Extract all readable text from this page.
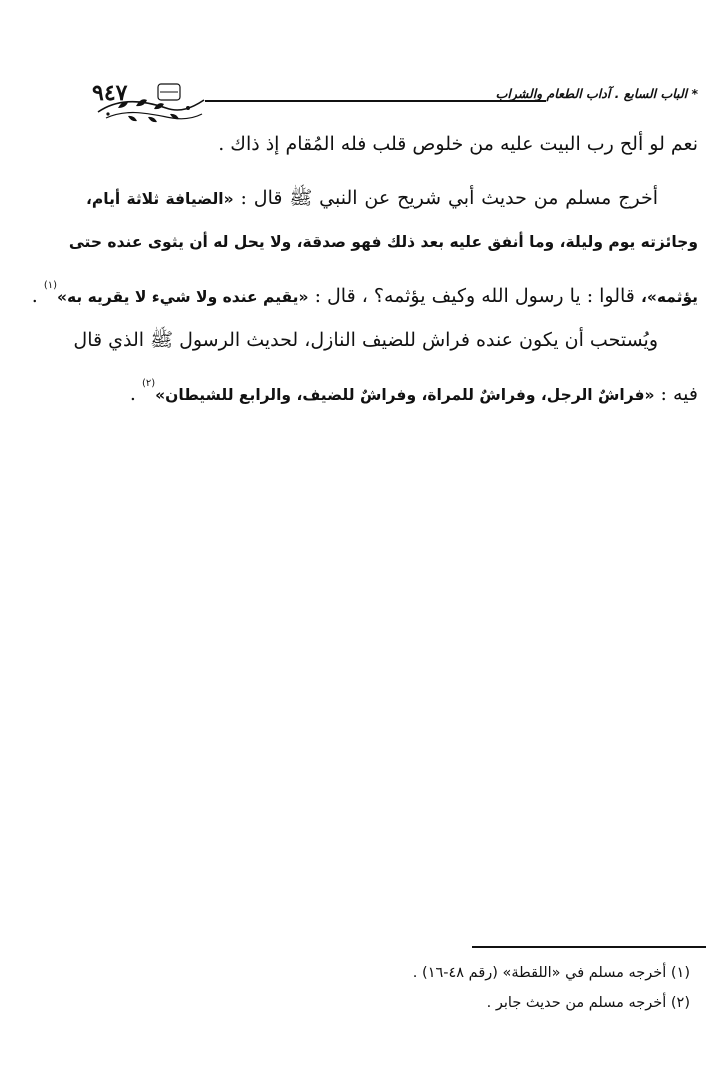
* الباب السابع . آداب الطعام والشراب
٩٤٧
نعم لو ألح رب البيت عليه من خلوص قلب فله المُقام إذ ذاك .
أخرج مسلم من حديث أبي شريح عن النبي ﷺ قال : «الضيافة ثلاثة أيام،
وجائزته يوم وليلة، وما أنفق عليه بعد ذلك فهو صدقة، ولا يحل له أن يثوى عنده حتى
يؤثمه»، قالوا : يا رسول الله وكيف يؤثمه؟ ، قال : «يقيم عنده ولا شيء لا يقريه به»$^{(١)}$ .
ويُستحب أن يكون عنده فراش للضيف النازل، لحديث الرسول ﷺ الذي قال
فيه : «فراشٌ الرجل، وفراشٌ للمراة، وفراشٌ للضيف، والرابع للشيطان»$^{(٢)}$ .
(١) أخرجه مسلم في «اللقطة» (رقم ٤٨-١٦) .
(٢) أخرجه مسلم من حديث جابر .
